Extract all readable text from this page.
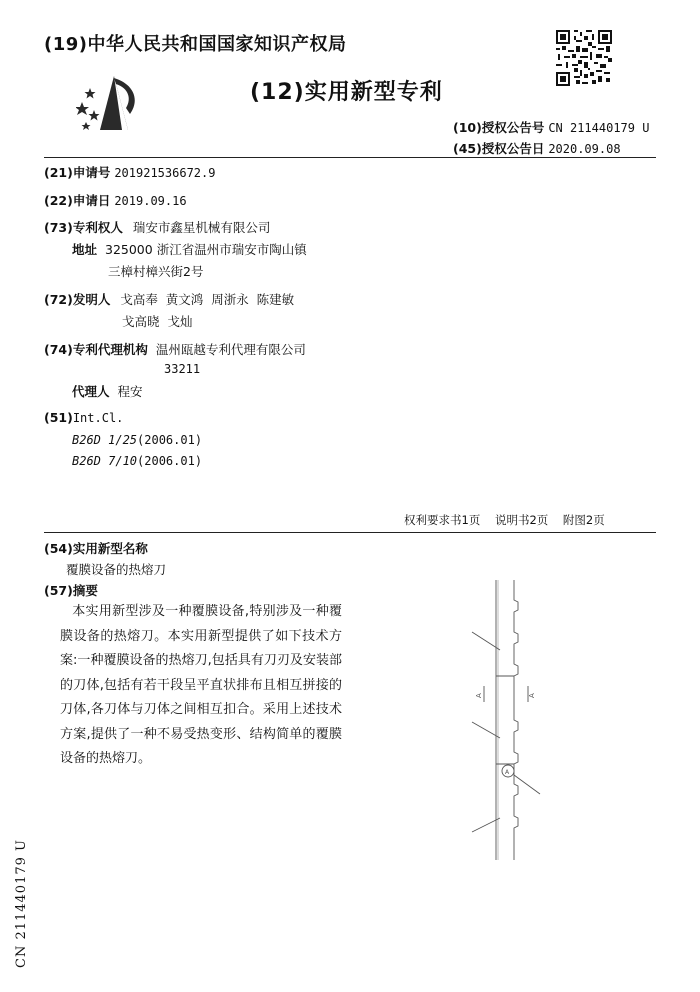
(19)中华人民共和国国家知识产权局
(12)实用新型专利
(10)授权公告号 CN 211440179 U
(45)授权公告日 2020.09.08
(21)申请号 201921536672.9
(22)申请日 2019.09.16
(73)专利权人 瑞安市鑫星机械有限公司
地址 325000 浙江省温州市瑞安市陶山镇
三樟村樟兴街2号
(72)发明人 戈高奉  黄文鸿  周浙永  陈建敏
戈高晓  戈灿
(74)专利代理机构 温州瓯越专利代理有限公司
33211
代理人 程安
(51)Int.Cl.
B26D 1/25(2006.01)
B26D 7/10(2006.01)
权利要求书1页    说明书2页    附图2页
(54)实用新型名称
覆膜设备的热熔刀
(57)摘要
本实用新型涉及一种覆膜设备,特别涉及一种覆膜设备的热熔刀。本实用新型提供了如下技术方案:一种覆膜设备的热熔刀,包括具有刀刃及安装部的刀体,包括有若干段呈平直状排布且相互拼接的刀体,各刀体与刀体之间相互扣合。采用上述技术方案,提供了一种不易受热变形、结构简单的覆膜设备的热熔刀。
A	A
A
CN 211440179 U
